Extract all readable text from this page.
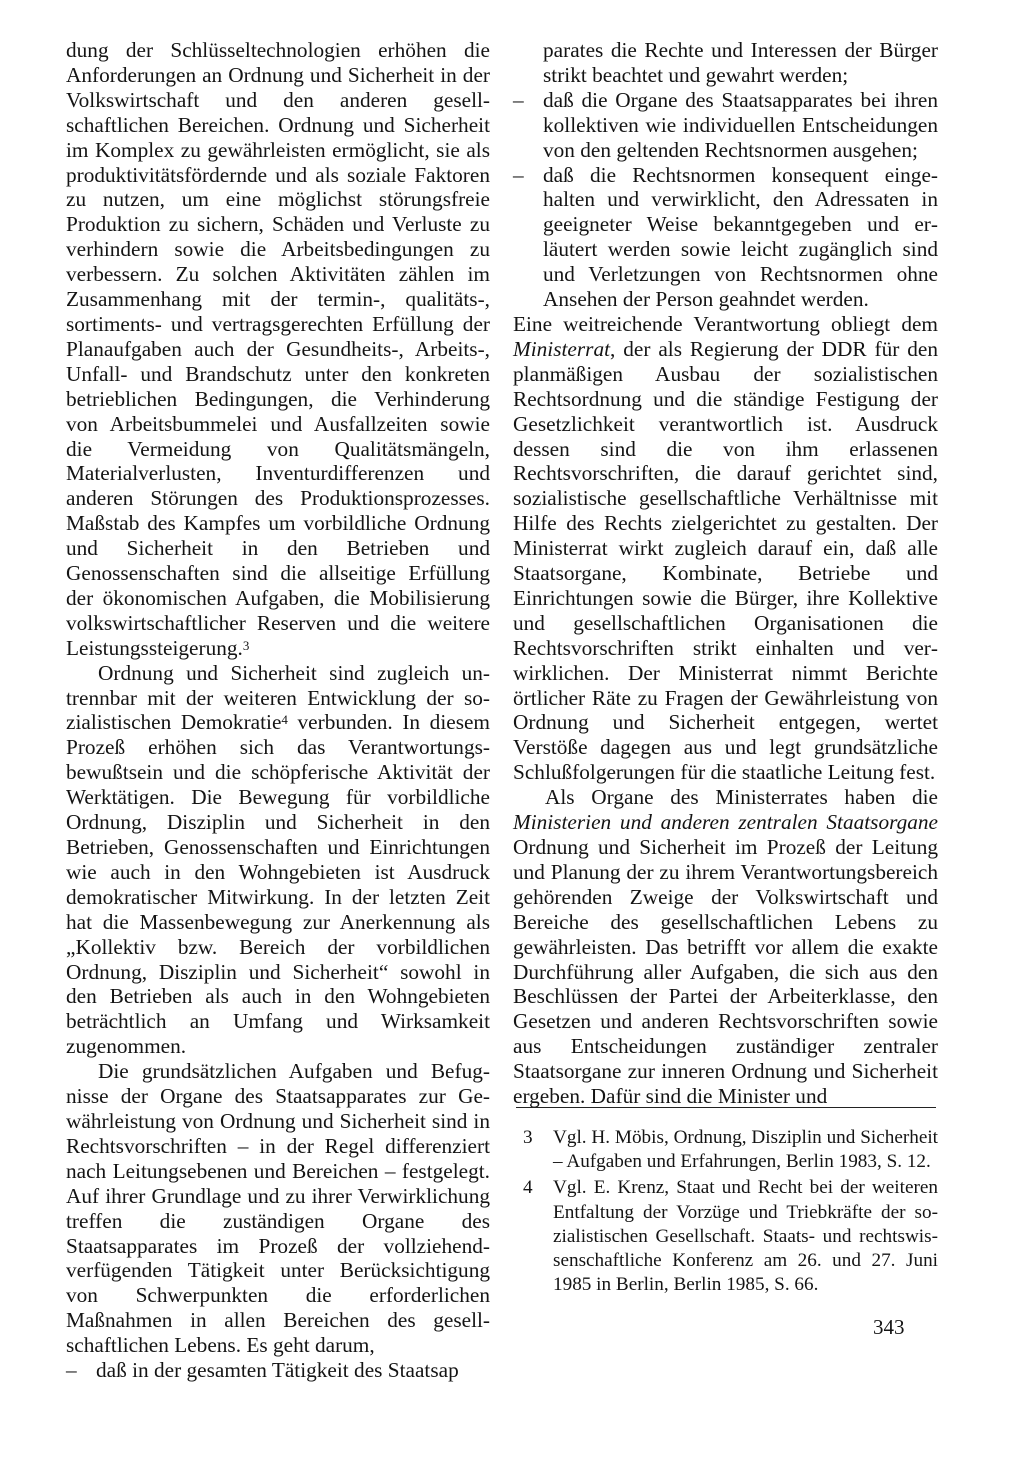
dung der Schlüsseltechnologien erhöhen die Anforderungen an Ordnung und Sicherheit in der Volkswirtschaft und den anderen gesellschaftlichen Bereichen. Ordnung und Sicherheit im Komplex zu gewährleisten ermöglicht, sie als produktivitätsfördernde und als soziale Faktoren zu nutzen, um eine möglichst störungsfreie Produktion zu sichern, Schäden und Verluste zu verhindern sowie die Arbeitsbedingungen zu verbessern. Zu solchen Aktivitäten zählen im Zusammenhang mit der termin-, qualitäts-, sortiments- und vertragsgerechten Erfüllung der Planaufgaben auch der Gesundheits-, Arbeits-, Unfall- und Brandschutz unter den konkreten betrieblichen Bedingungen, die Verhinderung von Arbeitsbummelei und Ausfallzeiten sowie die Vermeidung von Qualitätsmängeln, Materialverlusten, Inventurdifferenzen und anderen Störungen des Produktionsprozesses. Maßstab des Kampfes um vorbildliche Ordnung und Sicherheit in den Betrieben und Genossenschaften sind die allseitige Erfüllung der ökonomischen Aufgaben, die Mobilisierung volkswirtschaftlicher Reserven und die weitere Leistungssteigerung.$^3$

Ordnung und Sicherheit sind zugleich untrennbar mit der weiteren Entwicklung der sozialistischen Demokratie$^4$ verbunden. In diesem Prozeß erhöhen sich das Verantwortungsbewußtsein und die schöpferische Aktivität der Werktätigen. Die Bewegung für vorbildliche Ordnung, Disziplin und Sicherheit in den Betrieben, Genossenschaften und Einrichtungen wie auch in den Wohngebieten ist Ausdruck demokratischer Mitwirkung. In der letzten Zeit hat die Massenbewegung zur Anerkennung als „Kollektiv bzw. Bereich der vorbildlichen Ordnung, Disziplin und Sicherheit“ sowohl in den Betrieben als auch in den Wohngebieten beträchtlich an Umfang und Wirksamkeit zugenommen.

Die grundsätzlichen Aufgaben und Befugnisse der Organe des Staatsapparates zur Gewährleistung von Ordnung und Sicherheit sind in Rechtsvorschriften – in der Regel differenziert nach Leitungsebenen und Bereichen – festgelegt. Auf ihrer Grundlage und zu ihrer Verwirklichung treffen die zuständigen Organe des Staatsapparates im Prozeß der vollziehend-verfügenden Tätigkeit unter Berücksichtigung von Schwerpunkten die erforderlichen Maßnahmen in allen Bereichen des gesellschaftlichen Lebens. Es geht darum,

– daß in der gesamten Tätigkeit des Staatsap

parates die Rechte und Interessen der Bürger strikt beachtet und gewahrt werden;

– daß die Organe des Staatsapparates bei ihren kollektiven wie individuellen Entscheidungen von den geltenden Rechtsnormen ausgehen;

– daß die Rechtsnormen konsequent eingehalten und verwirklicht, den Adressaten in geeigneter Weise bekanntgegeben und erläutert werden sowie leicht zugänglich sind und Verletzungen von Rechtsnormen ohne Ansehen der Person geahndet werden.

Eine weitreichende Verantwortung obliegt dem Ministerrat, der als Regierung der DDR für den planmäßigen Ausbau der sozialistischen Rechtsordnung und die ständige Festigung der Gesetzlichkeit verantwortlich ist. Ausdruck dessen sind die von ihm erlassenen Rechtsvorschriften, die darauf gerichtet sind, sozialistische gesellschaftliche Verhältnisse mit Hilfe des Rechts zielgerichtet zu gestalten. Der Ministerrat wirkt zugleich darauf ein, daß alle Staatsorgane, Kombinate, Betriebe und Einrichtungen sowie die Bürger, ihre Kollektive und gesellschaftlichen Organisationen die Rechtsvorschriften strikt einhalten und verwirklichen. Der Ministerrat nimmt Berichte örtlicher Räte zu Fragen der Gewährleistung von Ordnung und Sicherheit entgegen, wertet Verstöße dagegen aus und legt grundsätzliche Schlußfolgerungen für die staatliche Leitung fest.

Als Organe des Ministerrates haben die Ministerien und anderen zentralen Staatsorgane Ordnung und Sicherheit im Prozeß der Leitung und Planung der zu ihrem Verantwortungsbereich gehörenden Zweige der Volkswirtschaft und Bereiche des gesellschaftlichen Lebens zu gewährleisten. Das betrifft vor allem die exakte Durchführung aller Aufgaben, die sich aus den Beschlüssen der Partei der Arbeiterklasse, den Gesetzen und anderen Rechtsvorschriften sowie aus Entscheidungen zuständiger zentraler Staatsorgane zur inneren Ordnung und Sicherheit ergeben. Dafür sind die Minister und

3 Vgl. H. Möbis, Ordnung, Disziplin und Sicherheit – Aufgaben und Erfahrungen, Berlin 1983, S. 12.

4 Vgl. E. Krenz, Staat und Recht bei der weiteren Entfaltung der Vorzüge und Triebkräfte der sozialistischen Gesellschaft. Staats- und rechtswissenschaftliche Konferenz am 26. und 27. Juni 1985 in Berlin, Berlin 1985, S. 66.

343
